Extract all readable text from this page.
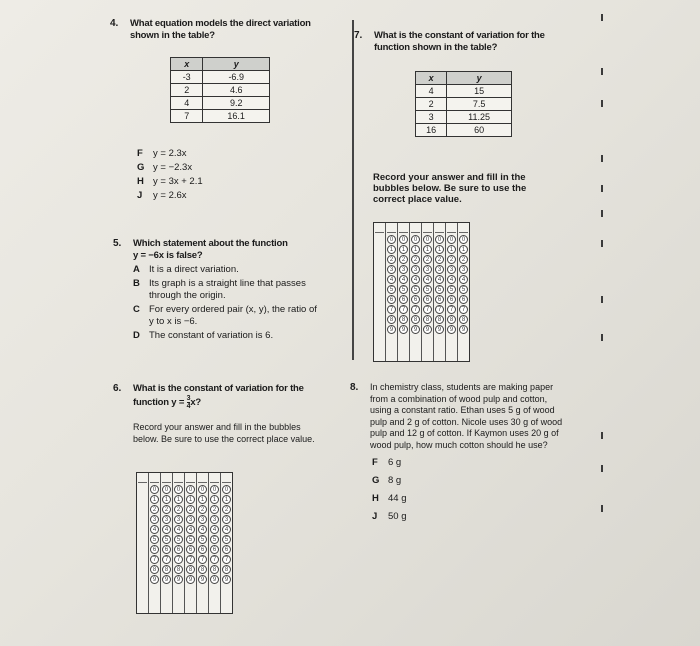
4. What equation models the direct variation shown in the table?
x	y
-3	-6.9
2	4.6
4	9.2
7	16.1
F	y = 2.3x
G y = −2.3x
H y = 3x + 2.1
J	y = 2.6x
5. Which statement about the function
y = −6x is false?
A It is a direct variation.
B Its graph is a straight line that passes through the origin.
C For every ordered pair (x, y), the ratio of y to x is −6.
D The constant of variation is 6.
6. What is the constant of variation for the
function $y = \frac{3}{4} x$?
Record your answer and fill in the bubbles below. Be sure to use the correct place value.
0
1
2
3
4
5
6
7
8
9
0
1
2
3
4
5
6
7
8
9
0
1
2
3
4
5
6
7
8
9
0
1
2
3
4
5
6
7
8
9
0
1
2
3
4
5
6
7
8
9
0
1
2
3
4
5
6
7
8
9
0
1
2
3
4
5
6
7
8
9
7. What is the constant of variation for the function shown in the table?
x	y
4	15
2	7.5
3	11.25
16	60
Record your answer and fill in the bubbles below. Be sure to use the correct place value.
0
1
2
3
4
5
6
7
8
9
0
1
2
3
4
5
6
7
8
9
0
1
2
3
4
5
6
7
8
9
0
1
2
3
4
5
6
7
8
9
0
1
2
3
4
5
6
7
8
9
0
1
2
3
4
5
6
7
8
9
0
1
2
3
4
5
6
7
8
9
8. In chemistry class, students are making paper from a combination of wood pulp and cotton, using a constant ratio. Ethan uses 5 g of wood pulp and 2 g of cotton. Nicole uses 30 g of wood pulp and 12 g of cotton. If Kaymon uses 20 g of wood pulp, how much cotton should he use?
F	6 g
G 8 g
H 44 g
J	50 g
